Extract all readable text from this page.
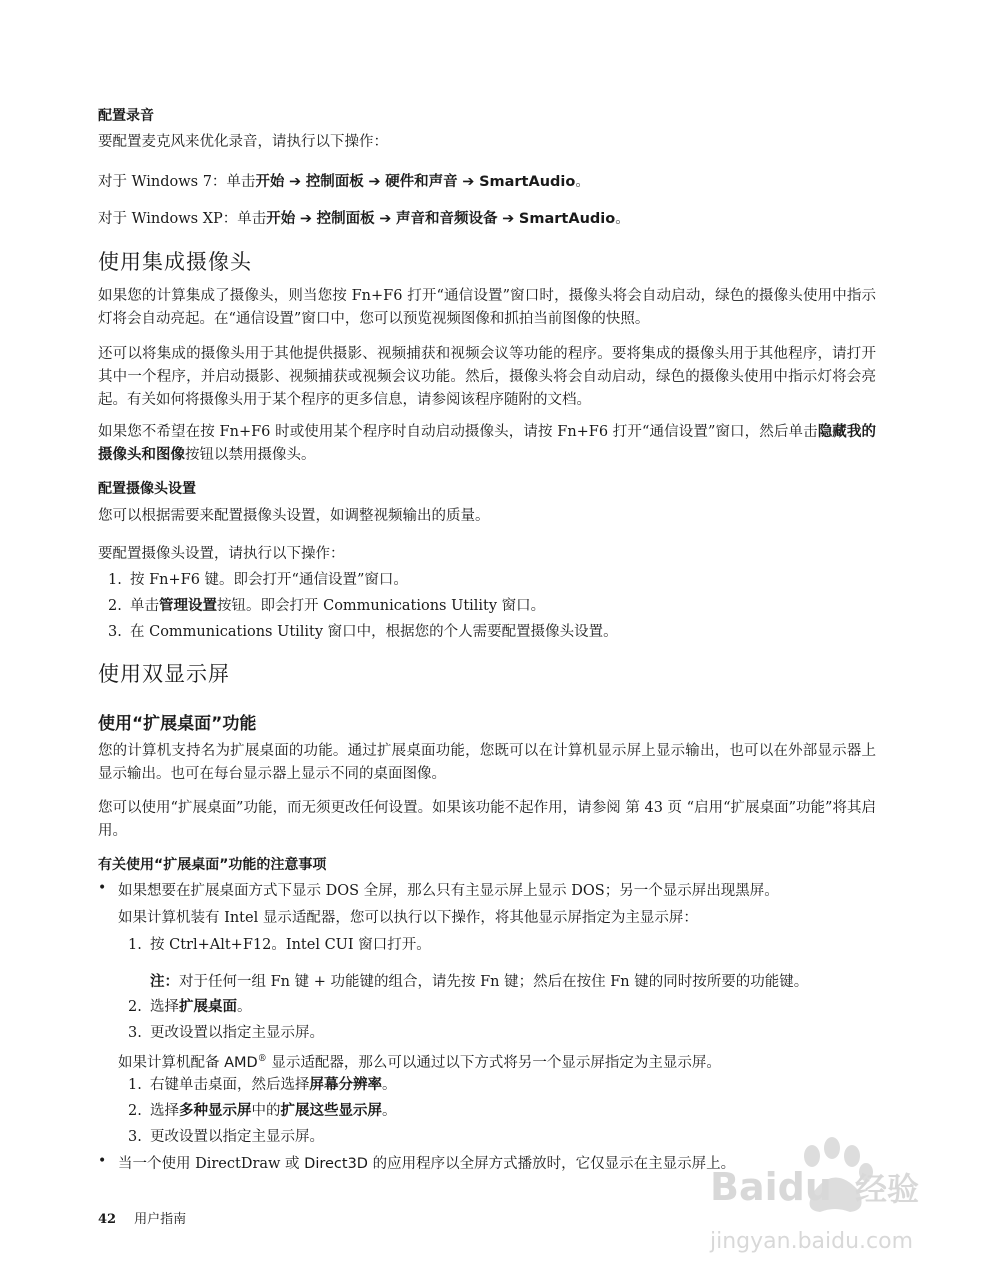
配置录音
要配置麦克风来优化录音，请执行以下操作：
对于 Windows 7：单击开始 ➔ 控制面板 ➔ 硬件和声音 ➔ SmartAudio。
对于 Windows XP：单击开始 ➔ 控制面板 ➔ 声音和音频设备 ➔ SmartAudio。
使用集成摄像头
如果您的计算集成了摄像头，则当您按 Fn+F6 打开“通信设置”窗口时，摄像头将会自动启动，绿色的摄像头使用中指示灯将会自动亮起。在“通信设置”窗口中，您可以预览视频图像和抓拍当前图像的快照。
还可以将集成的摄像头用于其他提供摄影、视频捕获和视频会议等功能的程序。要将集成的摄像头用于其他程序，请打开其中一个程序，并启动摄影、视频捕获或视频会议功能。然后，摄像头将会自动启动，绿色的摄像头使用中指示灯将会亮起。有关如何将摄像头用于某个程序的更多信息，请参阅该程序随附的文档。
如果您不希望在按 Fn+F6 时或使用某个程序时自动启动摄像头，请按 Fn+F6 打开“通信设置”窗口，然后单击隐藏我的摄像头和图像按钮以禁用摄像头。
配置摄像头设置
您可以根据需要来配置摄像头设置，如调整视频输出的质量。
要配置摄像头设置，请执行以下操作：
1. 按 Fn+F6 键。即会打开“通信设置”窗口。
2. 单击管理设置按钮。即会打开 Communications Utility 窗口。
3. 在 Communications Utility 窗口中，根据您的个人需要配置摄像头设置。
使用双显示屏
使用“扩展桌面”功能
您的计算机支持名为扩展桌面的功能。通过扩展桌面功能，您既可以在计算机显示屏上显示输出，也可以在外部显示器上显示输出。也可在每台显示器上显示不同的桌面图像。
您可以使用“扩展桌面”功能，而无须更改任何设置。如果该功能不起作用，请参阅 第 43 页 “启用“扩展桌面”功能”将其启用。
有关使用“扩展桌面”功能的注意事项
• 如果想要在扩展桌面方式下显示 DOS 全屏，那么只有主显示屏上显示 DOS；另一个显示屏出现黑屏。
如果计算机装有 Intel 显示适配器，您可以执行以下操作，将其他显示屏指定为主显示屏：
1. 按 Ctrl+Alt+F12。Intel CUI 窗口打开。
注：对于任何一组 Fn 键 + 功能键的组合，请先按 Fn 键；然后在按住 Fn 键的同时按所要的功能键。
2. 选择扩展桌面。
3. 更改设置以指定主显示屏。
如果计算机配备 AMD® 显示适配器，那么可以通过以下方式将另一个显示屏指定为主显示屏。
1. 右键单击桌面，然后选择屏幕分辨率。
2. 选择多种显示屏中的扩展这些显示屏。
3. 更改设置以指定主显示屏。
• 当一个使用 DirectDraw 或 Direct3D 的应用程序以全屏方式播放时，它仅显示在主显示屏上。
42 用户指南
Baidu 经验
jingyan.baidu.com
